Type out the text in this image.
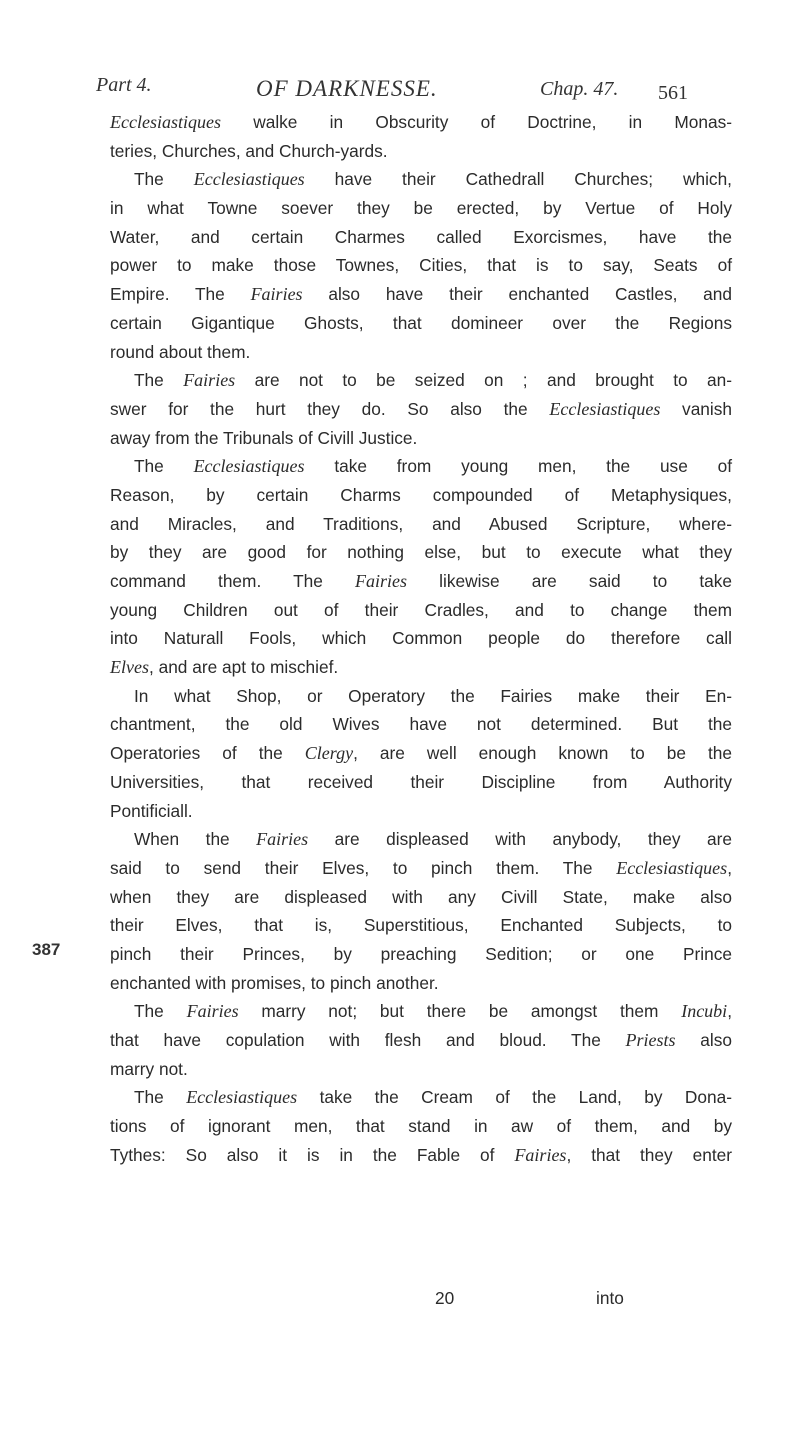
Part 4.	OF DARKNESSE.	Chap. 47. 561
Ecclesiastiques walke in Obscurity of Doctrine, in Monas-
teries, Churches, and Church-yards.
The Ecclesiastiques have their Cathedrall Churches; which,
in what Towne soever they be erected, by Vertue of Holy
Water, and certain Charmes called Exorcismes, have the
power to make those Townes, Cities, that is to say, Seats of
Empire. The Fairies also have their enchanted Castles, and
certain Gigantique Ghosts, that domineer over the Regions
round about them.
The Fairies are not to be seized on ; and brought to an-
swer for the hurt they do. So also the Ecclesiastiques vanish
away from the Tribunals of Civill Justice.
The Ecclesiastiques take from young men, the use of
Reason, by certain Charms compounded of Metaphysiques,
and Miracles, and Traditions, and Abused Scripture, where-
by they are good for nothing else, but to execute what they
command them. The Fairies likewise are said to take
young Children out of their Cradles, and to change them
into Naturall Fools, which Common people do therefore call
Elves, and are apt to mischief.
In what Shop, or Operatory the Fairies make their En-
chantment, the old Wives have not determined. But the
Operatories of the Clergy, are well enough known to be the
Universities, that received their Discipline from Authority
Pontificiall.
When the Fairies are displeased with anybody, they are
said to send their Elves, to pinch them. The Ecclesiastiques,
when they are displeased with any Civill State, make also
their Elves, that is, Superstitious, Enchanted Subjects, to
pinch their Princes, by preaching Sedition; or one Prince
enchanted with promises, to pinch another.
The Fairies marry not; but there be amongst them Incubi,
that have copulation with flesh and bloud. The Priests also
marry not.
The Ecclesiastiques take the Cream of the Land, by Dona-
tions of ignorant men, that stand in aw of them, and by
Tythes: So also it is in the Fable of Fairies, that they enter
387
20	into
